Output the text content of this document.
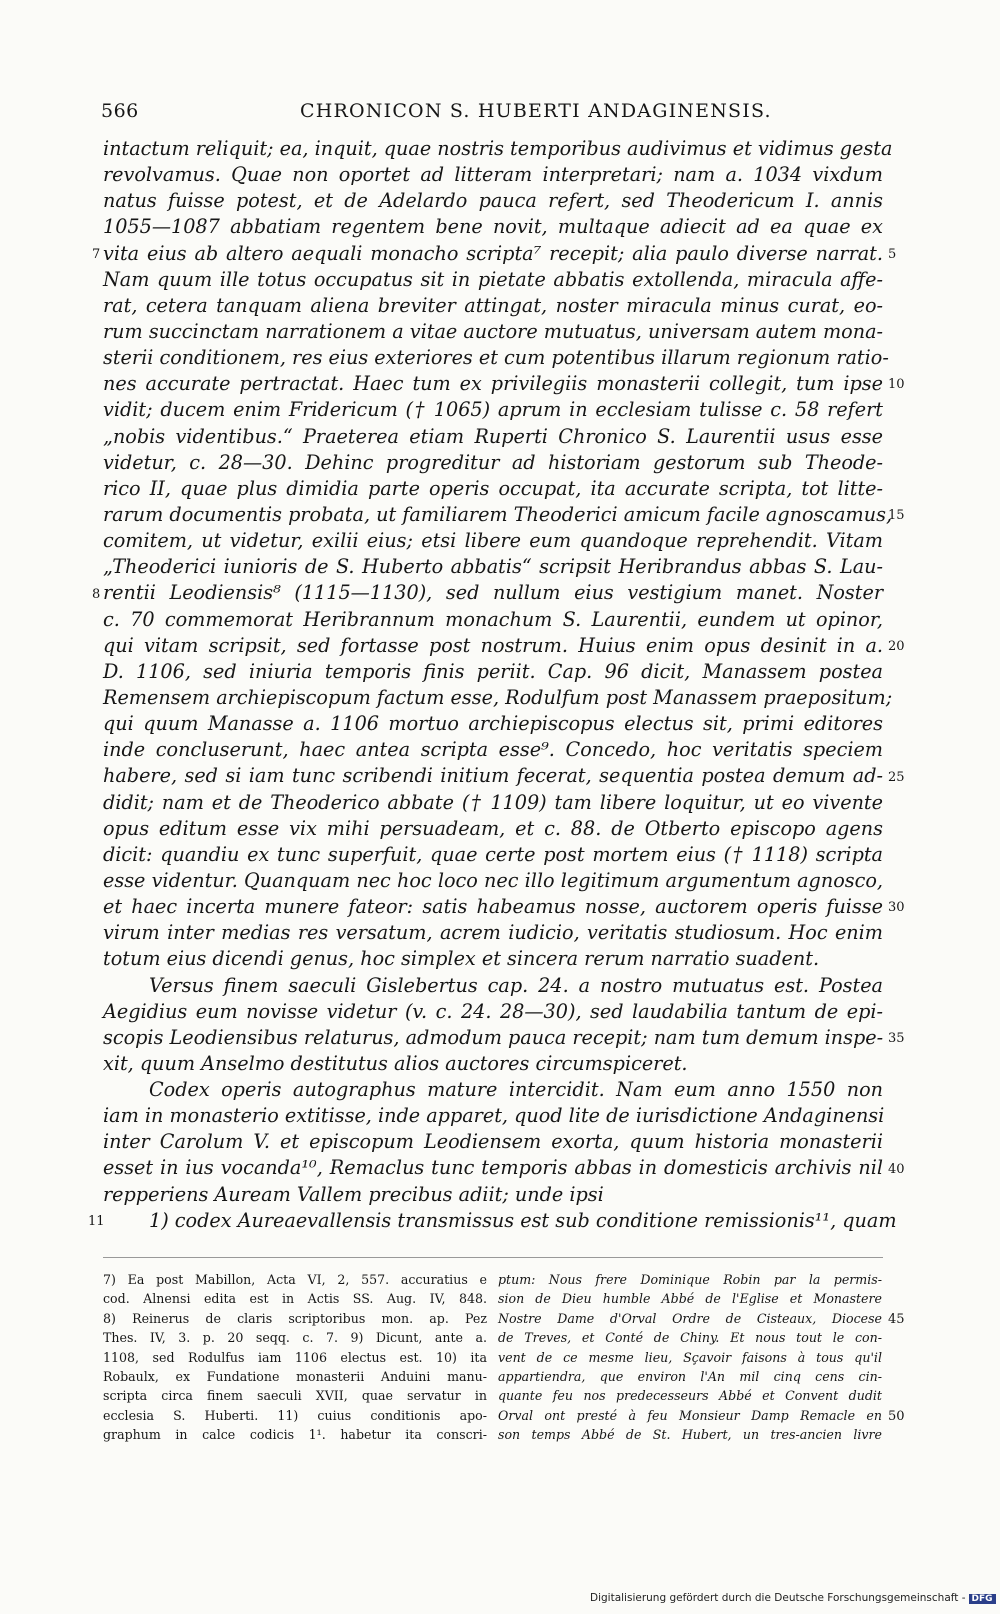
566	CHRONICON S. HUBERTI ANDAGINENSIS.
intactum reliquit; ea, inquit, quae nostris temporibus audivimus et vidimus gesta
revolvamus. Quae non oportet ad litteram interpretari; nam a. 1034 vixdum
natus fuisse potest, et de Adelardo pauca refert, sed Theodericum I. annis
1055—1087 abbatiam regentem bene novit, multaque adiecit ad ea quae ex
vita eius ab altero aequali monacho scripta⁷ recepit; alia paulo diverse narrat.
Nam quum ille totus occupatus sit in pietate abbatis extollenda, miracula affe-
rat, cetera tanquam aliena breviter attingat, noster miracula minus curat, eo-
rum succinctam narrationem a vitae auctore mutuatus, universam autem mona-
sterii conditionem, res eius exteriores et cum potentibus illarum regionum ratio-
nes accurate pertractat. Haec tum ex privilegiis monasterii collegit, tum ipse
vidit; ducem enim Fridericum († 1065) aprum in ecclesiam tulisse c. 58 refert
„nobis videntibus.“ Praeterea etiam Ruperti Chronico S. Laurentii usus esse
videtur, c. 28—30. Dehinc progreditur ad historiam gestorum sub Theode-
rico II, quae plus dimidia parte operis occupat, ita accurate scripta, tot litte-
rarum documentis probata, ut familiarem Theoderici amicum facile agnoscamus,
comitem, ut videtur, exilii eius; etsi libere eum quandoque reprehendit. Vitam
„Theoderici iunioris de S. Huberto abbatis“ scripsit Heribrandus abbas S. Lau-
rentii Leodiensis⁸ (1115—1130), sed nullum eius vestigium manet. Noster
c. 70 commemorat Heribrannum monachum S. Laurentii, eundem ut opinor,
qui vitam scripsit, sed fortasse post nostrum. Huius enim opus desinit in a.
D. 1106, sed iniuria temporis finis periit. Cap. 96 dicit, Manassem postea
Remensem archiepiscopum factum esse, Rodulfum post Manassem praepositum;
qui quum Manasse a. 1106 mortuo archiepiscopus electus sit, primi editores
inde concluserunt, haec antea scripta esse⁹. Concedo, hoc veritatis speciem
habere, sed si iam tunc scribendi initium fecerat, sequentia postea demum ad-
didit; nam et de Theoderico abbate († 1109) tam libere loquitur, ut eo vivente
opus editum esse vix mihi persuadeam, et c. 88. de Otberto episcopo agens
dicit: quandiu ex tunc superfuit, quae certe post mortem eius († 1118) scripta
esse videntur. Quanquam nec hoc loco nec illo legitimum argumentum agnosco,
et haec incerta munere fateor: satis habeamus nosse, auctorem operis fuisse
virum inter medias res versatum, acrem iudicio, veritatis studiosum. Hoc enim
totum eius dicendi genus, hoc simplex et sincera rerum narratio suadent.
Versus finem saeculi Gislebertus cap. 24. a nostro mutuatus est. Postea
Aegidius eum novisse videtur (v. c. 24. 28—30), sed laudabilia tantum de epi-
scopis Leodiensibus relaturus, admodum pauca recepit; nam tum demum inspe-
xit, quum Anselmo destitutus alios auctores circumspiceret.
Codex operis autographus mature intercidit. Nam eum anno 1550 non
iam in monasterio extitisse, inde apparet, quod lite de iurisdictione Andaginensi
inter Carolum V. et episcopum Leodiensem exorta, quum historia monasterii
esset in ius vocanda¹⁰, Remaclus tunc temporis abbas in domesticis archivis nil
repperiens Auream Vallem precibus adiit; unde ipsi
1) codex Aureaevallensis transmissus est sub conditione remissionis¹¹, quam
5
10
15
20
25
30
35
40
7
8
11
7) Ea post Mabillon, Acta VI, 2, 557. accuratius e
cod. Alnensi edita est in Actis SS. Aug. IV, 848.
8) Reinerus de claris scriptoribus mon. ap. Pez
Thes. IV, 3. p. 20 seqq. c. 7. 9) Dicunt, ante a.
1108, sed Rodulfus iam 1106 electus est. 10) ita
Robaulx, ex Fundatione monasterii Anduini manu-
scripta circa finem saeculi XVII, quae servatur in
ecclesia S. Huberti. 11) cuius conditionis apo-
graphum in calce codicis 1¹. habetur ita conscri-
ptum: Nous frere Dominique Robin par la permis-
sion de Dieu humble Abbé de l'Eglise et Monastere
Nostre Dame d'Orval Ordre de Cisteaux, Diocese
de Treves, et Conté de Chiny. Et nous tout le con-
vent de ce mesme lieu, Sçavoir faisons à tous qu'il
appartiendra, que environ l'An mil cinq cens cin-
quante feu nos predecesseurs Abbé et Convent dudit
Orval ont presté à feu Monsieur Damp Remacle en
son temps Abbé de St. Hubert, un tres-ancien livre
45
50
Digitalisierung gefördert durch die Deutsche Forschungsgemeinschaft - DFG
